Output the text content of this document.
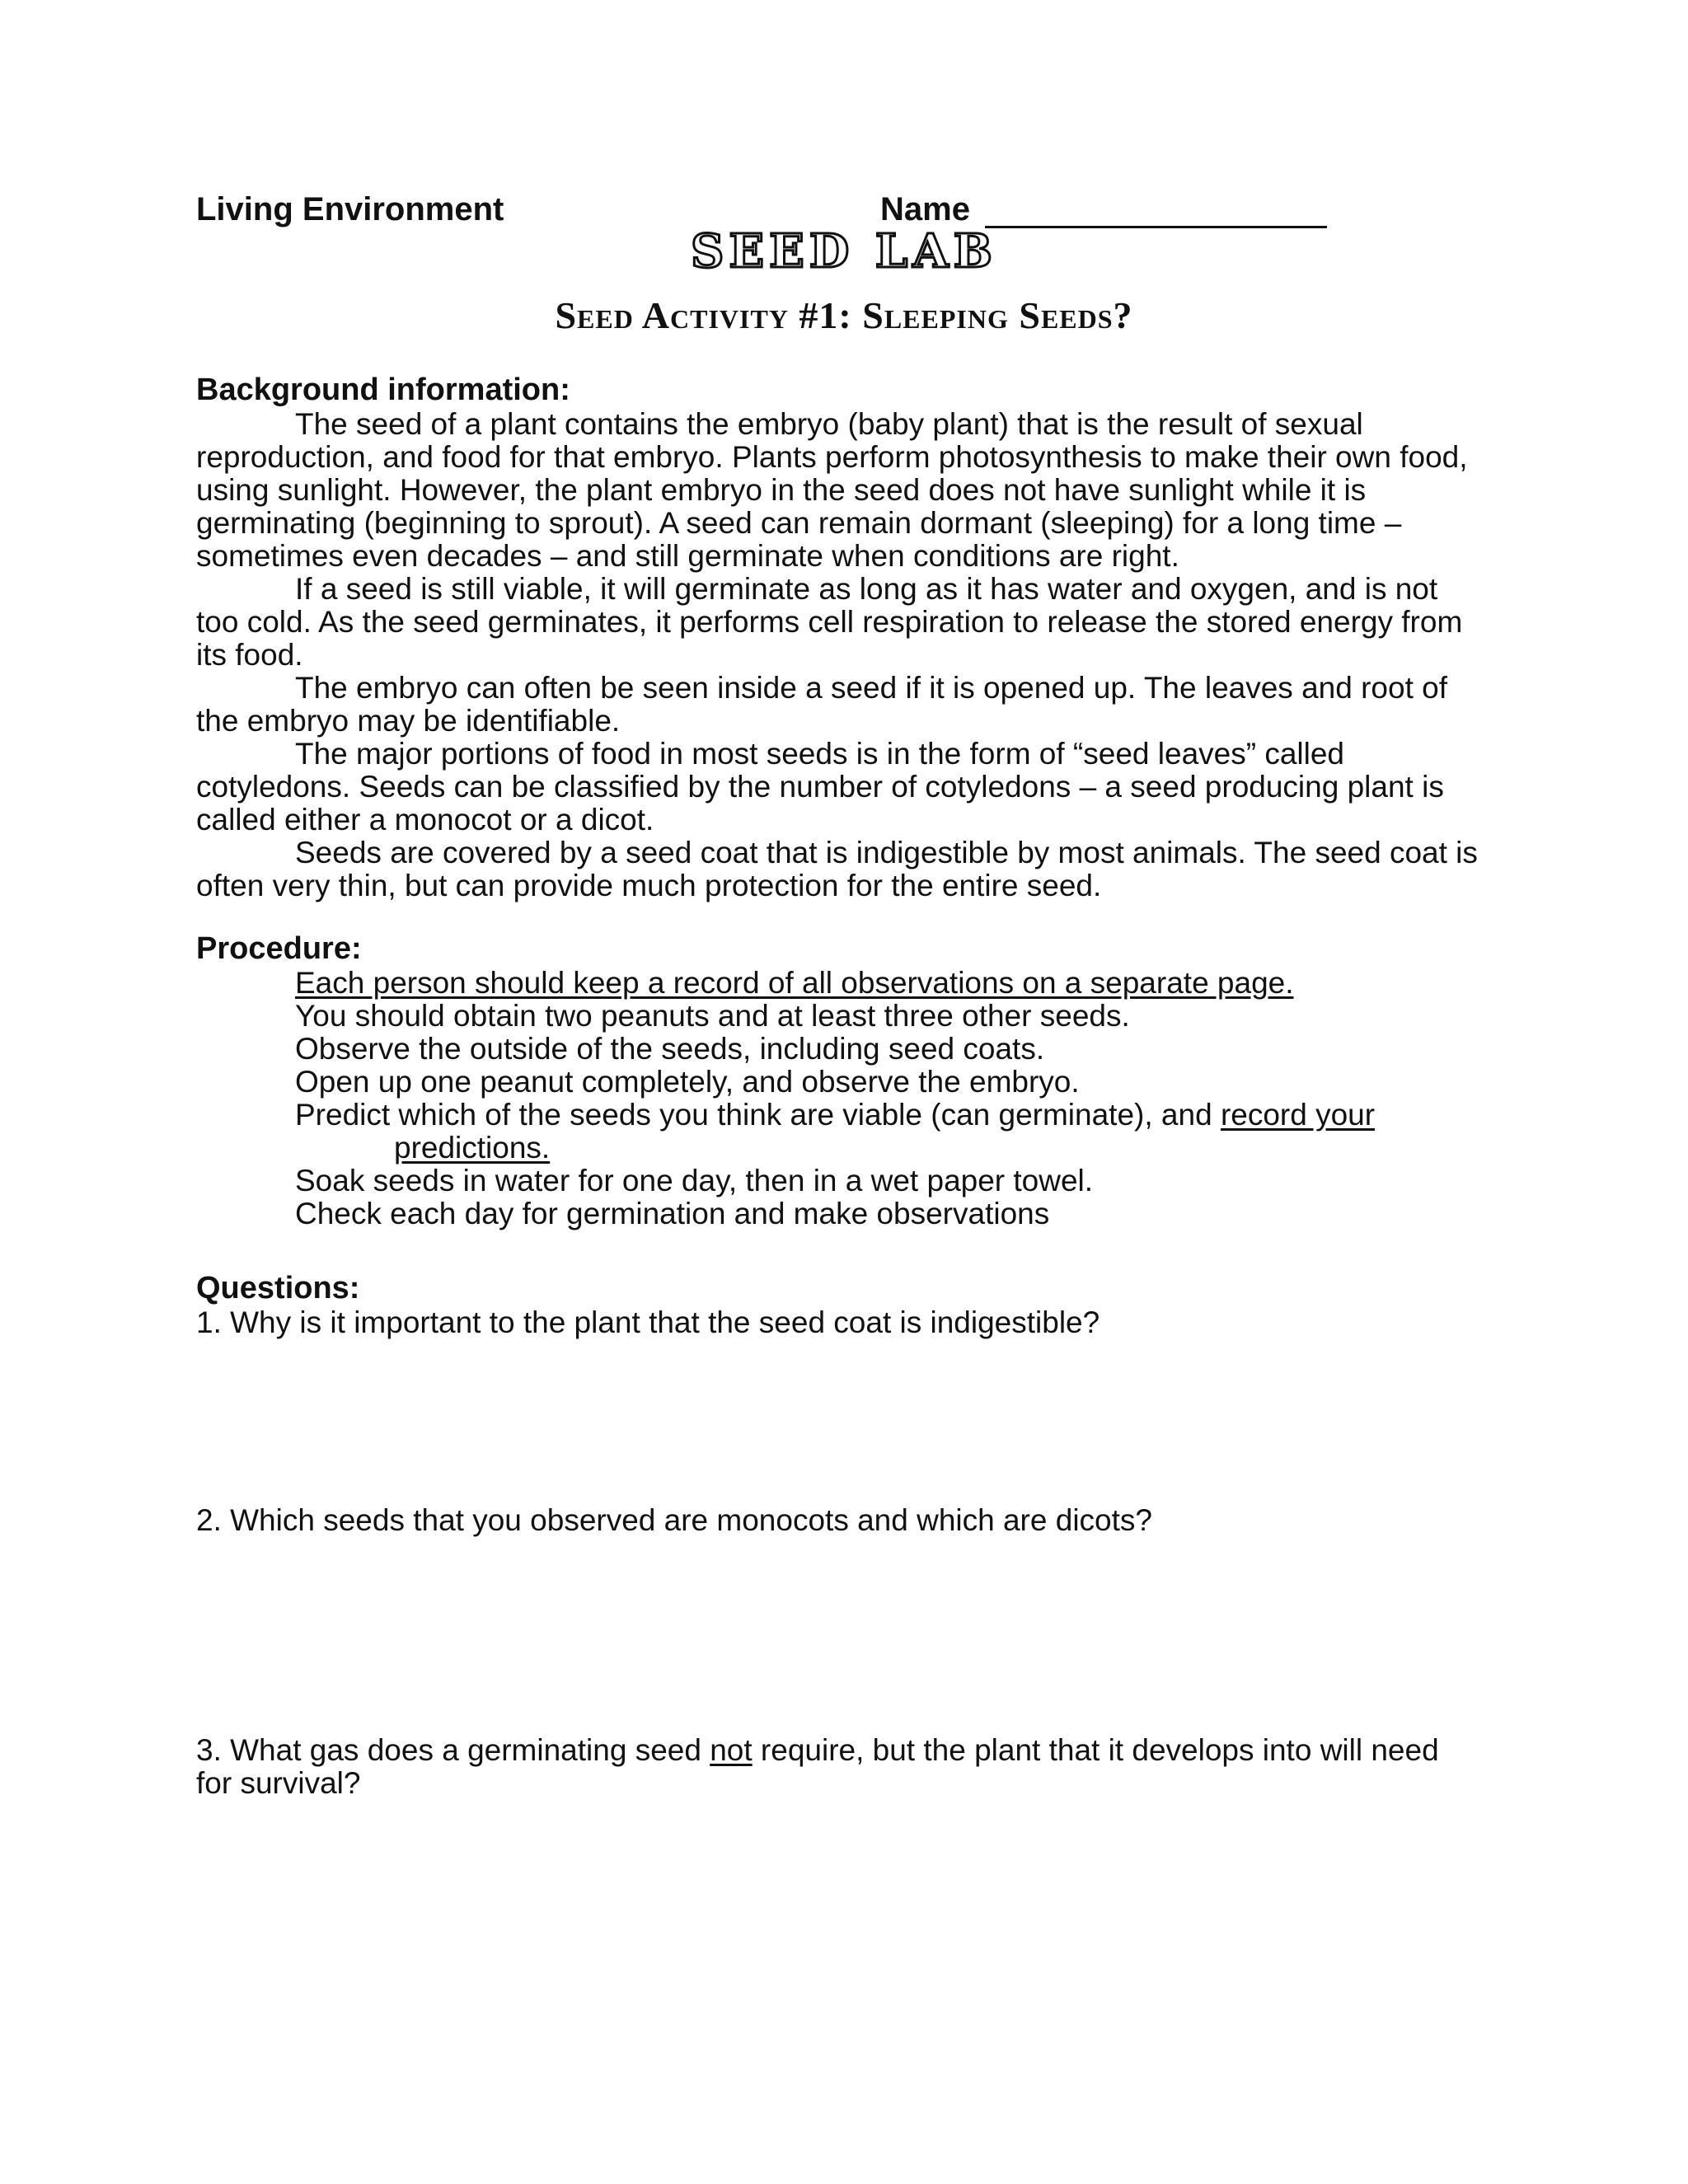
Living Environment	Name
SEED LAB
Seed Activity #1: Sleeping Seeds?
Background information:

The seed of a plant contains the embryo (baby plant) that is the result of sexual reproduction, and food for that embryo. Plants perform photosynthesis to make their own food, using sunlight. However, the plant embryo in the seed does not have sunlight while it is germinating (beginning to sprout). A seed can remain dormant (sleeping) for a long time – sometimes even decades – and still germinate when conditions are right.

If a seed is still viable, it will germinate as long as it has water and oxygen, and is not too cold. As the seed germinates, it performs cell respiration to release the stored energy from its food.

The embryo can often be seen inside a seed if it is opened up. The leaves and root of the embryo may be identifiable.

The major portions of food in most seeds is in the form of “seed leaves” called cotyledons. Seeds can be classified by the number of cotyledons – a seed producing plant is called either a monocot or a dicot.

Seeds are covered by a seed coat that is indigestible by most animals. The seed coat is often very thin, but can provide much protection for the entire seed.

Procedure:
Each person should keep a record of all observations on a separate page.
You should obtain two peanuts and at least three other seeds.
Observe the outside of the seeds, including seed coats.
Open up one peanut completely, and observe the embryo.
Predict which of the seeds you think are viable (can germinate), and record your
predictions.
Soak seeds in water for one day, then in a wet paper towel.
Check each day for germination and make observations
Questions:
1. Why is it important to the plant that the seed coat is indigestible?
2. Which seeds that you observed are monocots and which are dicots?
3. What gas does a germinating seed not require, but the plant that it develops into will need for survival?
